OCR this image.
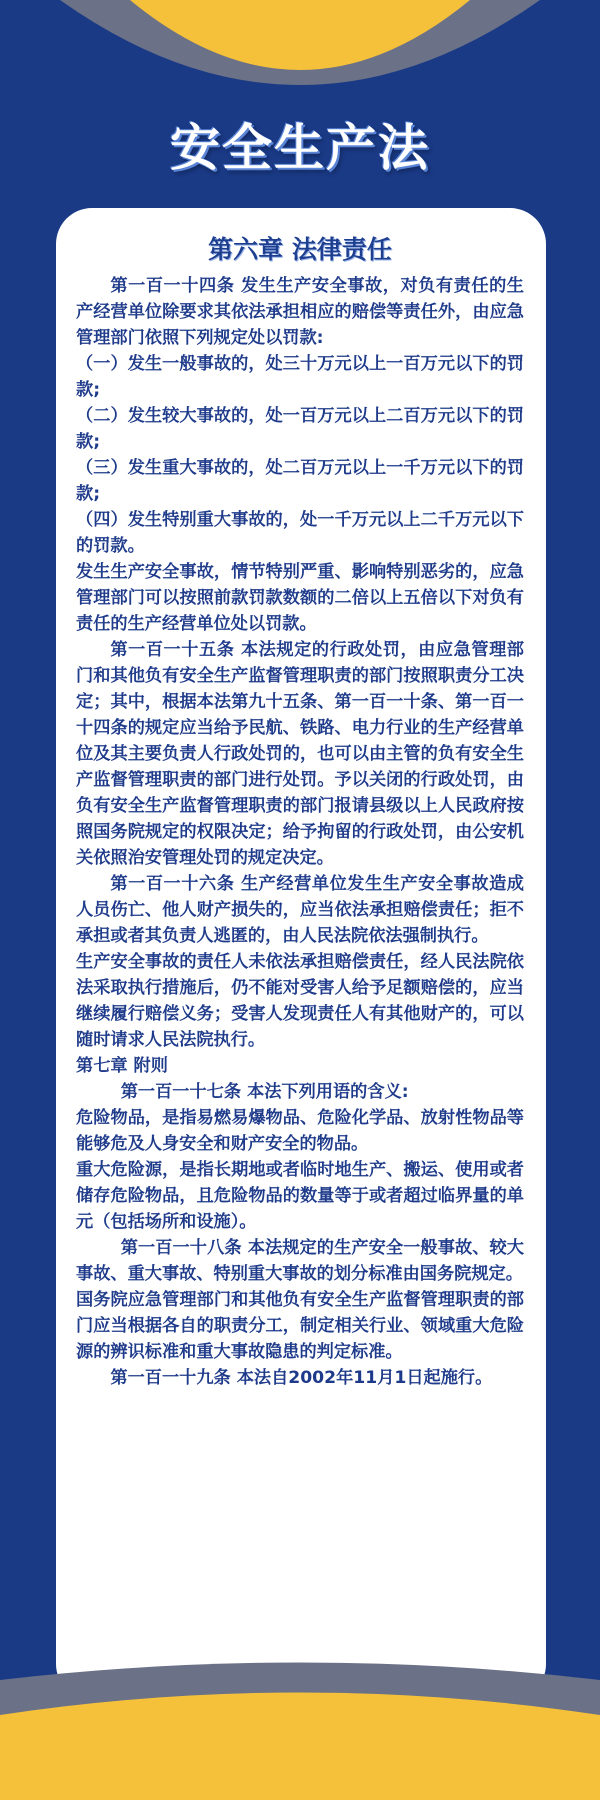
安全生产法
第六章 法律责任

第一百一十四条 发生生产安全事故，对负有责任的生产经营单位除要求其依法承担相应的赔偿等责任外，由应急管理部门依照下列规定处以罚款:

（一）发生一般事故的，处三十万元以上一百万元以下的罚款;

（二）发生较大事故的，处一百万元以上二百万元以下的罚款;

（三）发生重大事故的，处二百万元以上一千万元以下的罚款;

（四）发生特别重大事故的，处一千万元以上二千万元以下的罚款。

发生生产安全事故，情节特别严重、影响特别恶劣的，应急管理部门可以按照前款罚款数额的二倍以上五倍以下对负有责任的生产经营单位处以罚款。

第一百一十五条 本法规定的行政处罚，由应急管理部门和其他负有安全生产监督管理职责的部门按照职责分工决定；其中，根据本法第九十五条、第一百一十条、第一百一十四条的规定应当给予民航、铁路、电力行业的生产经营单位及其主要负责人行政处罚的，也可以由主管的负有安全生产监督管理职责的部门进行处罚。予以关闭的行政处罚，由负有安全生产监督管理职责的部门报请县级以上人民政府按照国务院规定的权限决定；给予拘留的行政处罚，由公安机关依照治安管理处罚的规定决定。

第一百一十六条 生产经营单位发生生产安全事故造成人员伤亡、他人财产损失的，应当依法承担赔偿责任；拒不承担或者其负责人逃匿的，由人民法院依法强制执行。

生产安全事故的责任人未依法承担赔偿责任，经人民法院依法采取执行措施后，仍不能对受害人给予足额赔偿的，应当继续履行赔偿义务；受害人发现责任人有其他财产的，可以随时请求人民法院执行。

第七章 附则

第一百一十七条 本法下列用语的含义:

危险物品，是指易燃易爆物品、危险化学品、放射性物品等能够危及人身安全和财产安全的物品。

重大危险源，是指长期地或者临时地生产、搬运、使用或者储存危险物品，且危险物品的数量等于或者超过临界量的单元（包括场所和设施）。

第一百一十八条 本法规定的生产安全一般事故、较大事故、重大事故、特别重大事故的划分标准由国务院规定。

国务院应急管理部门和其他负有安全生产监督管理职责的部门应当根据各自的职责分工，制定相关行业、领域重大危险源的辨识标准和重大事故隐患的判定标准。

第一百一十九条 本法自2002年11月1日起施行。
